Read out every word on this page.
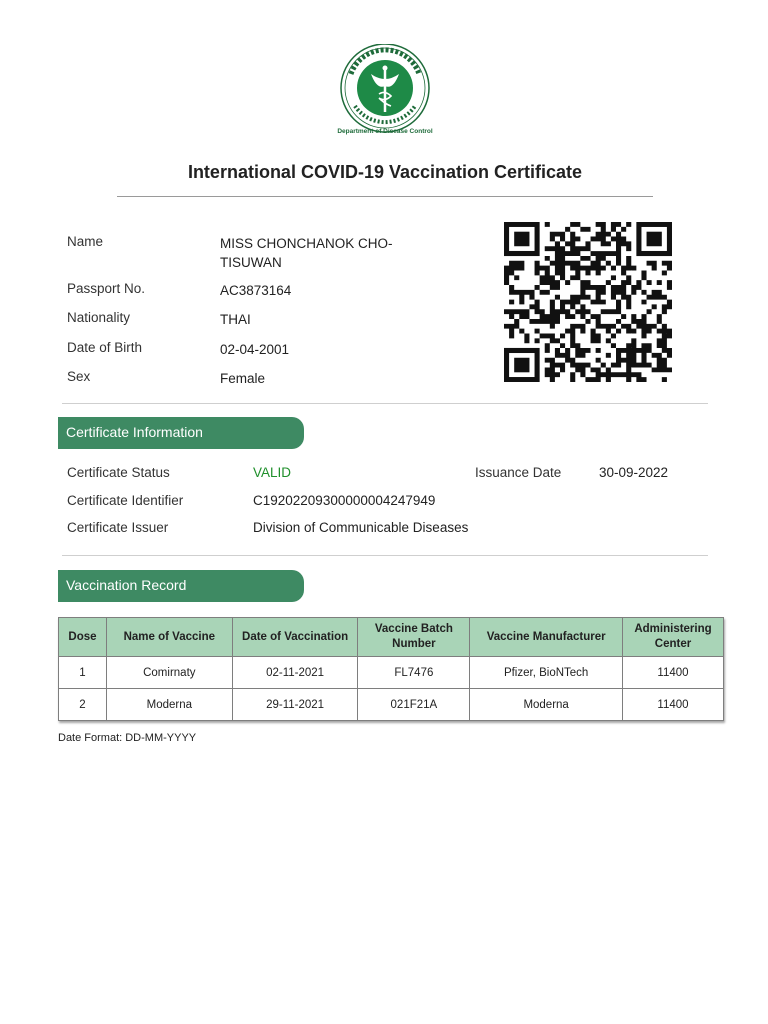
Department of Disease Control
International COVID-19 Vaccination Certificate
Name	MISS CHONCHANOK CHO-TISUWAN
Passport No.	AC3873164
Nationality	THAI
Date of Birth	02-04-2001
Sex	Female
Certificate Information
Certificate Status	VALID	Issuance Date	30-09-2022
Certificate Identifier	C19202209300000004247949
Certificate Issuer	Division of Communicable Diseases
Vaccination Record
Dose	Name of Vaccine	Date of Vaccination	Vaccine Batch Number	Vaccine Manufacturer	Administering Center
1	Comirnaty	02-11-2021	FL7476	Pfizer, BioNTech	11400
2	Moderna	29-11-2021	021F21A	Moderna	11400
Date Format: DD-MM-YYYY
